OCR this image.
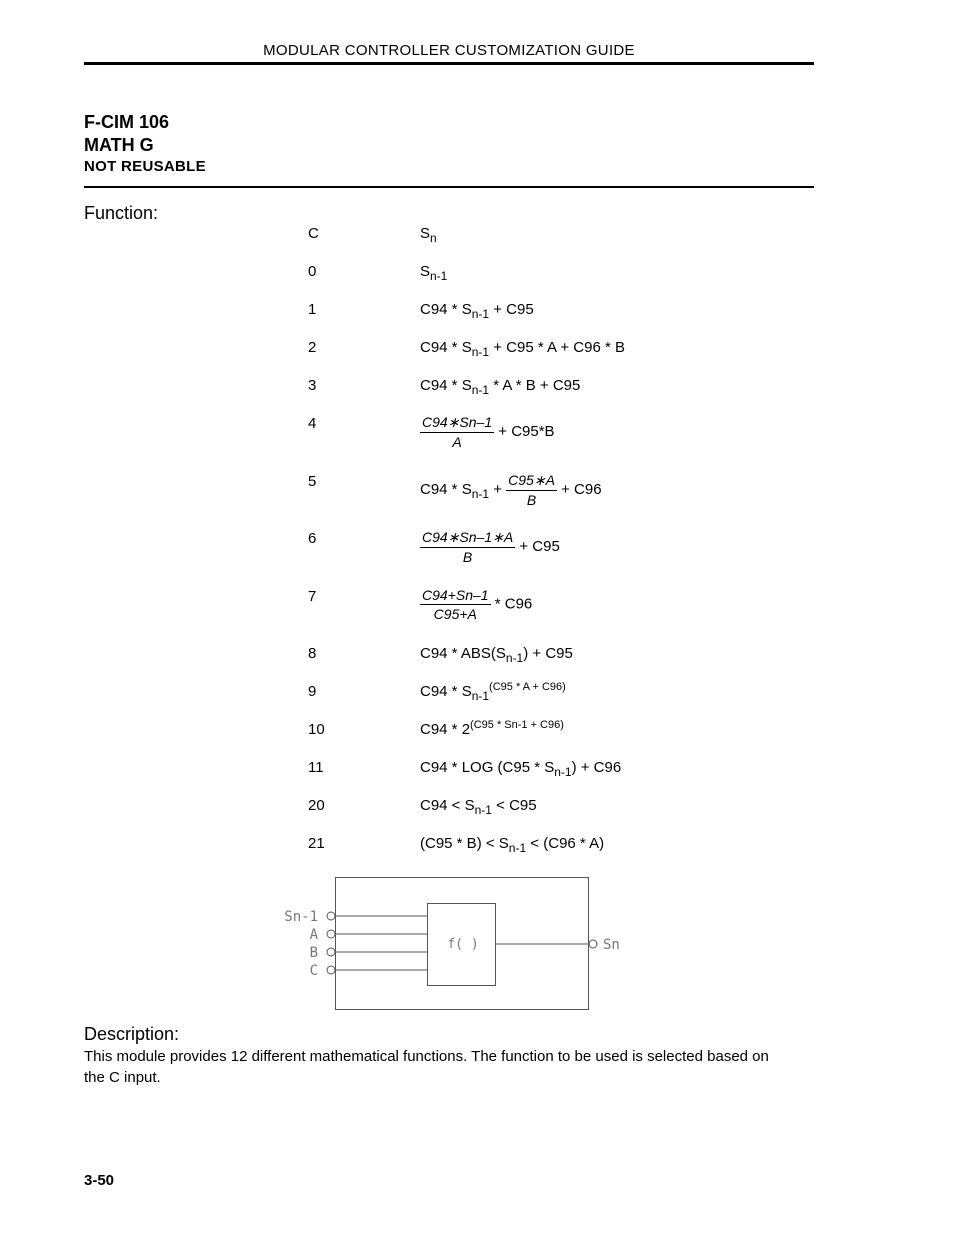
MODULAR CONTROLLER CUSTOMIZATION GUIDE
F-CIM 106
MATH G
NOT REUSABLE
Function:
C	$S_n$
0	$S_{n-1}$
1	$C94 * S_{n-1} + C95$
2	$C94 * S_{n-1} + C95 * A + C96 * B$
3	$C94 * S_{n-1} * A * B + C95$
4	$\frac{C94∗Sn-1}{A} + C95*B$
5	$C94 * S_{n-1} + \frac{C95∗A}{B} + C96$
6	$\frac{C94∗Sn-1∗A}{B} + C95$
7	$\frac{C94+Sn-1}{C95+A} * C96$
8	$C94 * ABS(S_{n-1}) + C95$
9	$C94 * S_{n-1}^{(C95 * A + C96)}$
10	$C94 * 2^{(C95 * Sn-1 + C96)}$
11	C94 * LOG $(C95 * S_{n-1}) + C96$
20	$C94 < S_{n-1} < C95$
21	$(C95 * B) < S_{n-1} < (C96 * A)$
Sn-1
A
B
C
f( )	Sn
Description:
This module provides 12 different mathematical functions. The function to be used is selected based on the C input.
3-50
